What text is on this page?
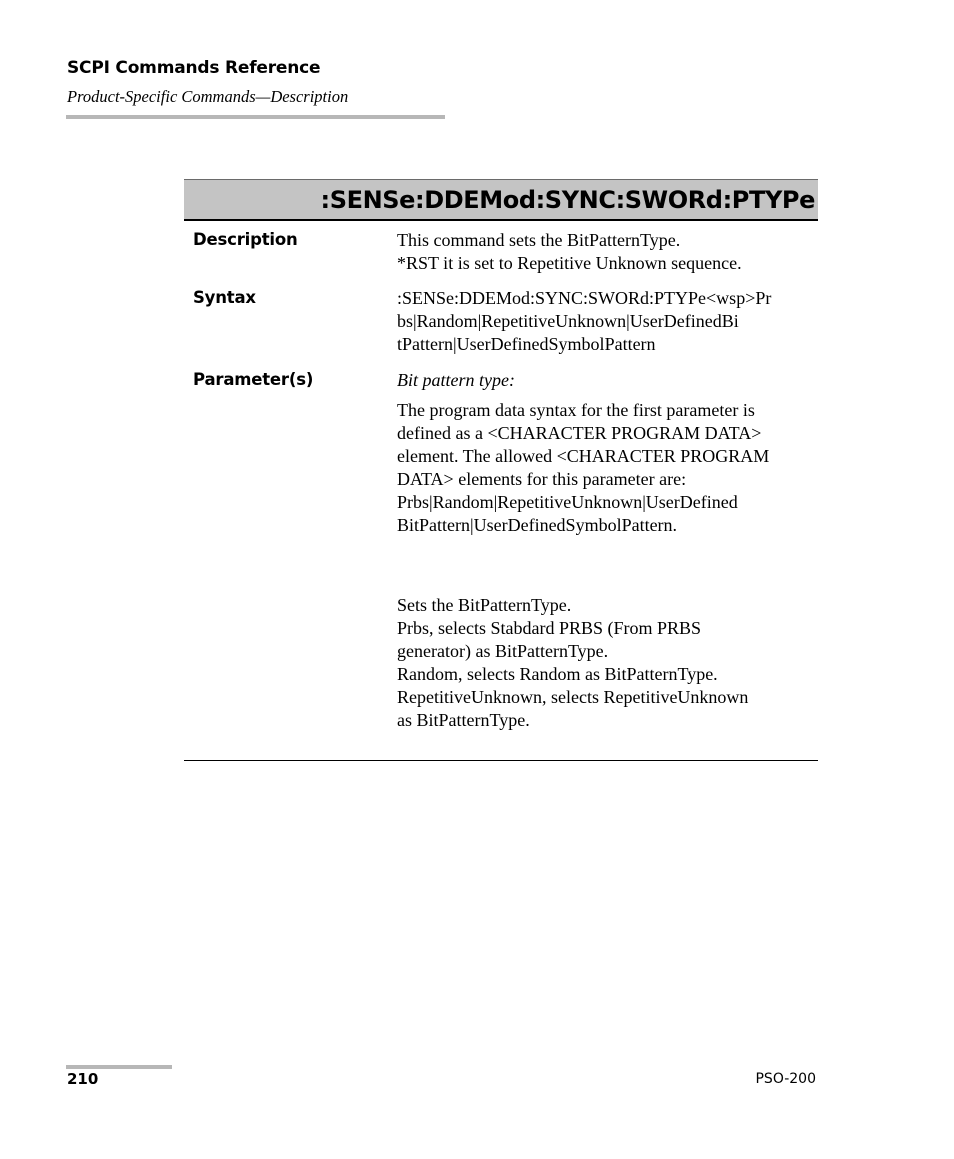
SCPI Commands Reference
Product-Specific Commands—Description
:SENSe:DDEMod:SYNC:SWORd:PTYPe
Description	This command sets the BitPatternType.
*RST it is set to Repetitive Unknown sequence.
Syntax	:SENSe:DDEMod:SYNC:SWORd:PTYPe<wsp>Pr
bs|Random|RepetitiveUnknown|UserDefinedBi
tPattern|UserDefinedSymbolPattern
Parameter(s)	Bit pattern type:
The program data syntax for the first parameter is
defined as a <CHARACTER PROGRAM DATA>
element. The allowed <CHARACTER PROGRAM
DATA> elements for this parameter are:
Prbs|Random|RepetitiveUnknown|UserDefined
BitPattern|UserDefinedSymbolPattern.
Sets the BitPatternType.
Prbs, selects Stabdard PRBS (From PRBS
generator) as BitPatternType.
Random, selects Random as BitPatternType.
RepetitiveUnknown, selects RepetitiveUnknown
as BitPatternType.
210	PSO-200
